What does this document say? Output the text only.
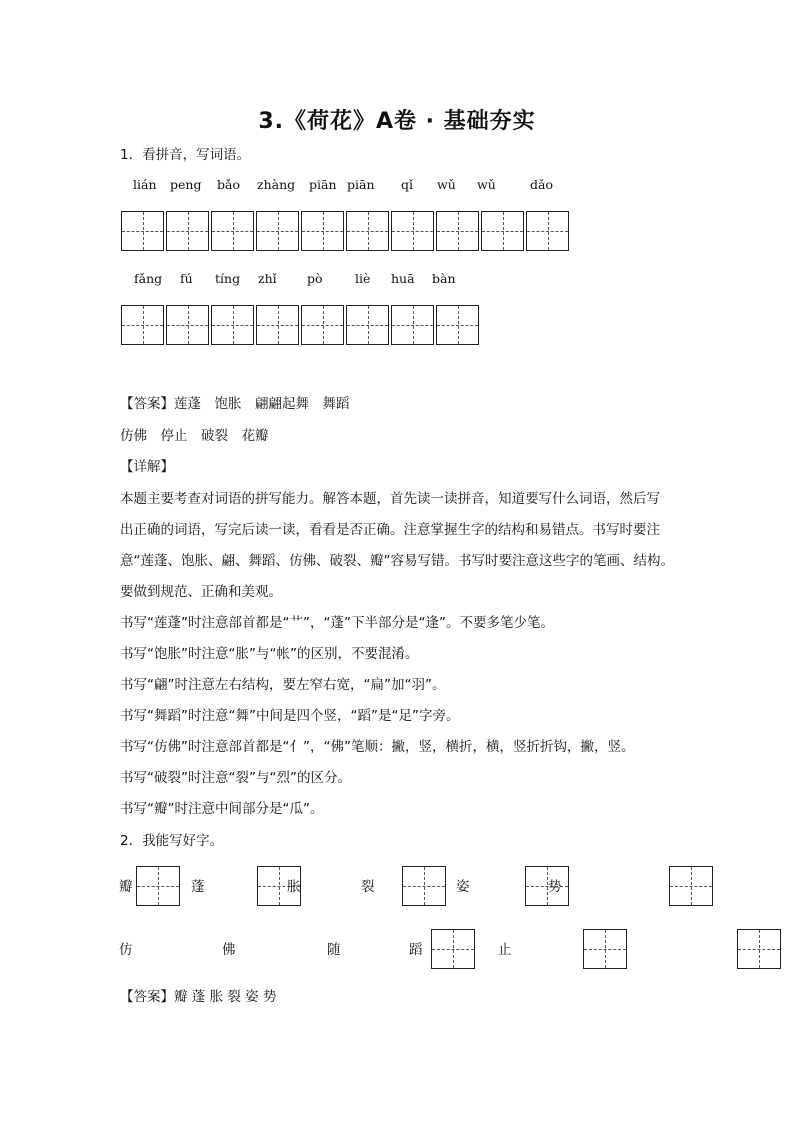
3.《荷花》A卷 · 基础夯实
1．看拼音，写词语。
lián peng bǎo zhàng piān piān qǐ wǔ wǔ	dǎo
fǎng fú tíng zhǐ pò	liè huā bàn
【答案】莲蓬　饱胀　翩翩起舞　舞蹈
仿佛　停止　破裂　花瓣
【详解】
本题主要考查对词语的拼写能力。解答本题，首先读一读拼音，知道要写什么词语，然后写
出正确的词语，写完后读一读，看看是否正确。注意掌握生字的结构和易错点。书写时要注
意“莲蓬、饱胀、翩、舞蹈、仿佛、破裂、瓣”容易写错。书写时要注意这些字的笔画、结构。
要做到规范、正确和美观。
书写“莲蓬”时注意部首都是“艹”，“蓬”下半部分是“逢”。不要多笔少笔。
书写“饱胀”时注意“胀”与“帐”的区别，不要混淆。
书写“翩”时注意左右结构，要左窄右宽，“扁”加“羽”。
书写“舞蹈”时注意“舞”中间是四个竖，“蹈”是“足”字旁。
书写“仿佛”时注意部首都是“亻”，“佛”笔顺：撇，竖，横折，横，竖折折钩，撇，竖。
书写“破裂”时注意“裂”与“烈”的区分。
书写“瓣”时注意中间部分是“瓜”。
2．我能写好字。
瓣
	蓬
	胀
	裂
	姿
	势

仿
	佛
	随
	蹈
	止
【答案】瓣 蓬 胀 裂 姿 势
